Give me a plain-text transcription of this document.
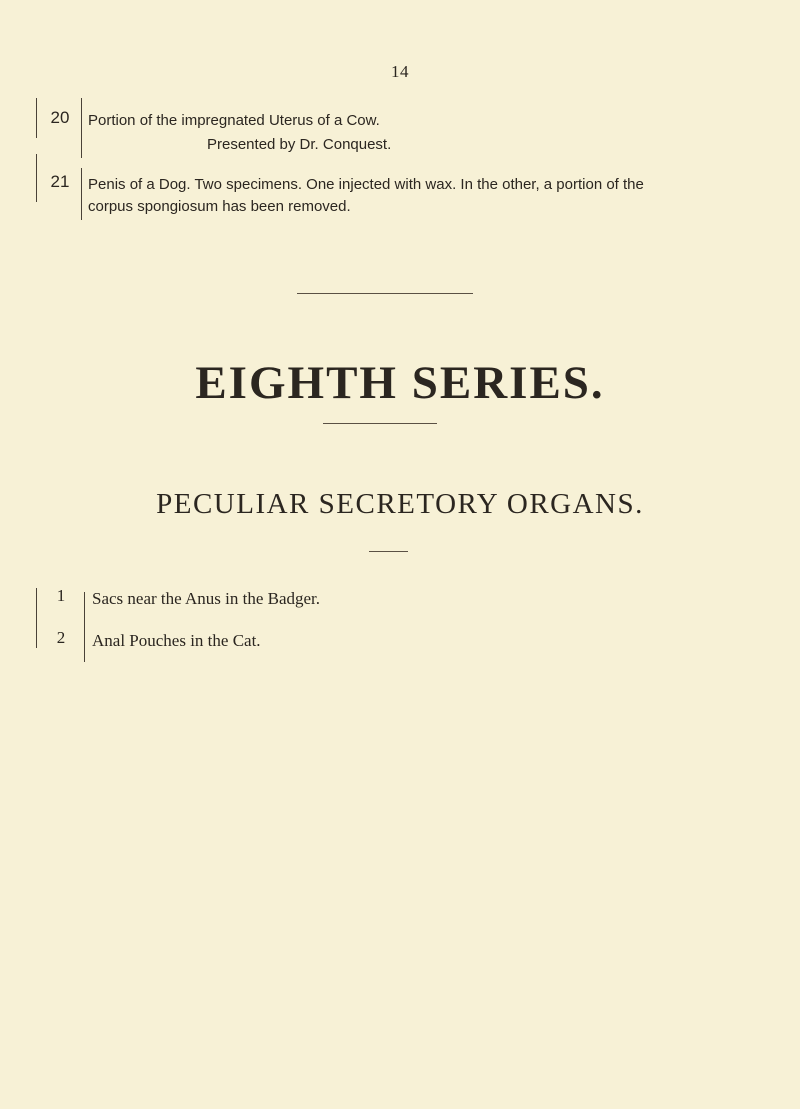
14
20 Portion of the impregnated Uterus of a Cow.
Presented by Dr. Conquest.
21 Penis of a Dog. Two specimens. One injected with wax. In the other, a portion of the
corpus spongiosum has been removed.
EIGHTH SERIES.
PECULIAR SECRETORY ORGANS.
1	Sacs near the Anus in the Badger.
2	Anal Pouches in the Cat.
